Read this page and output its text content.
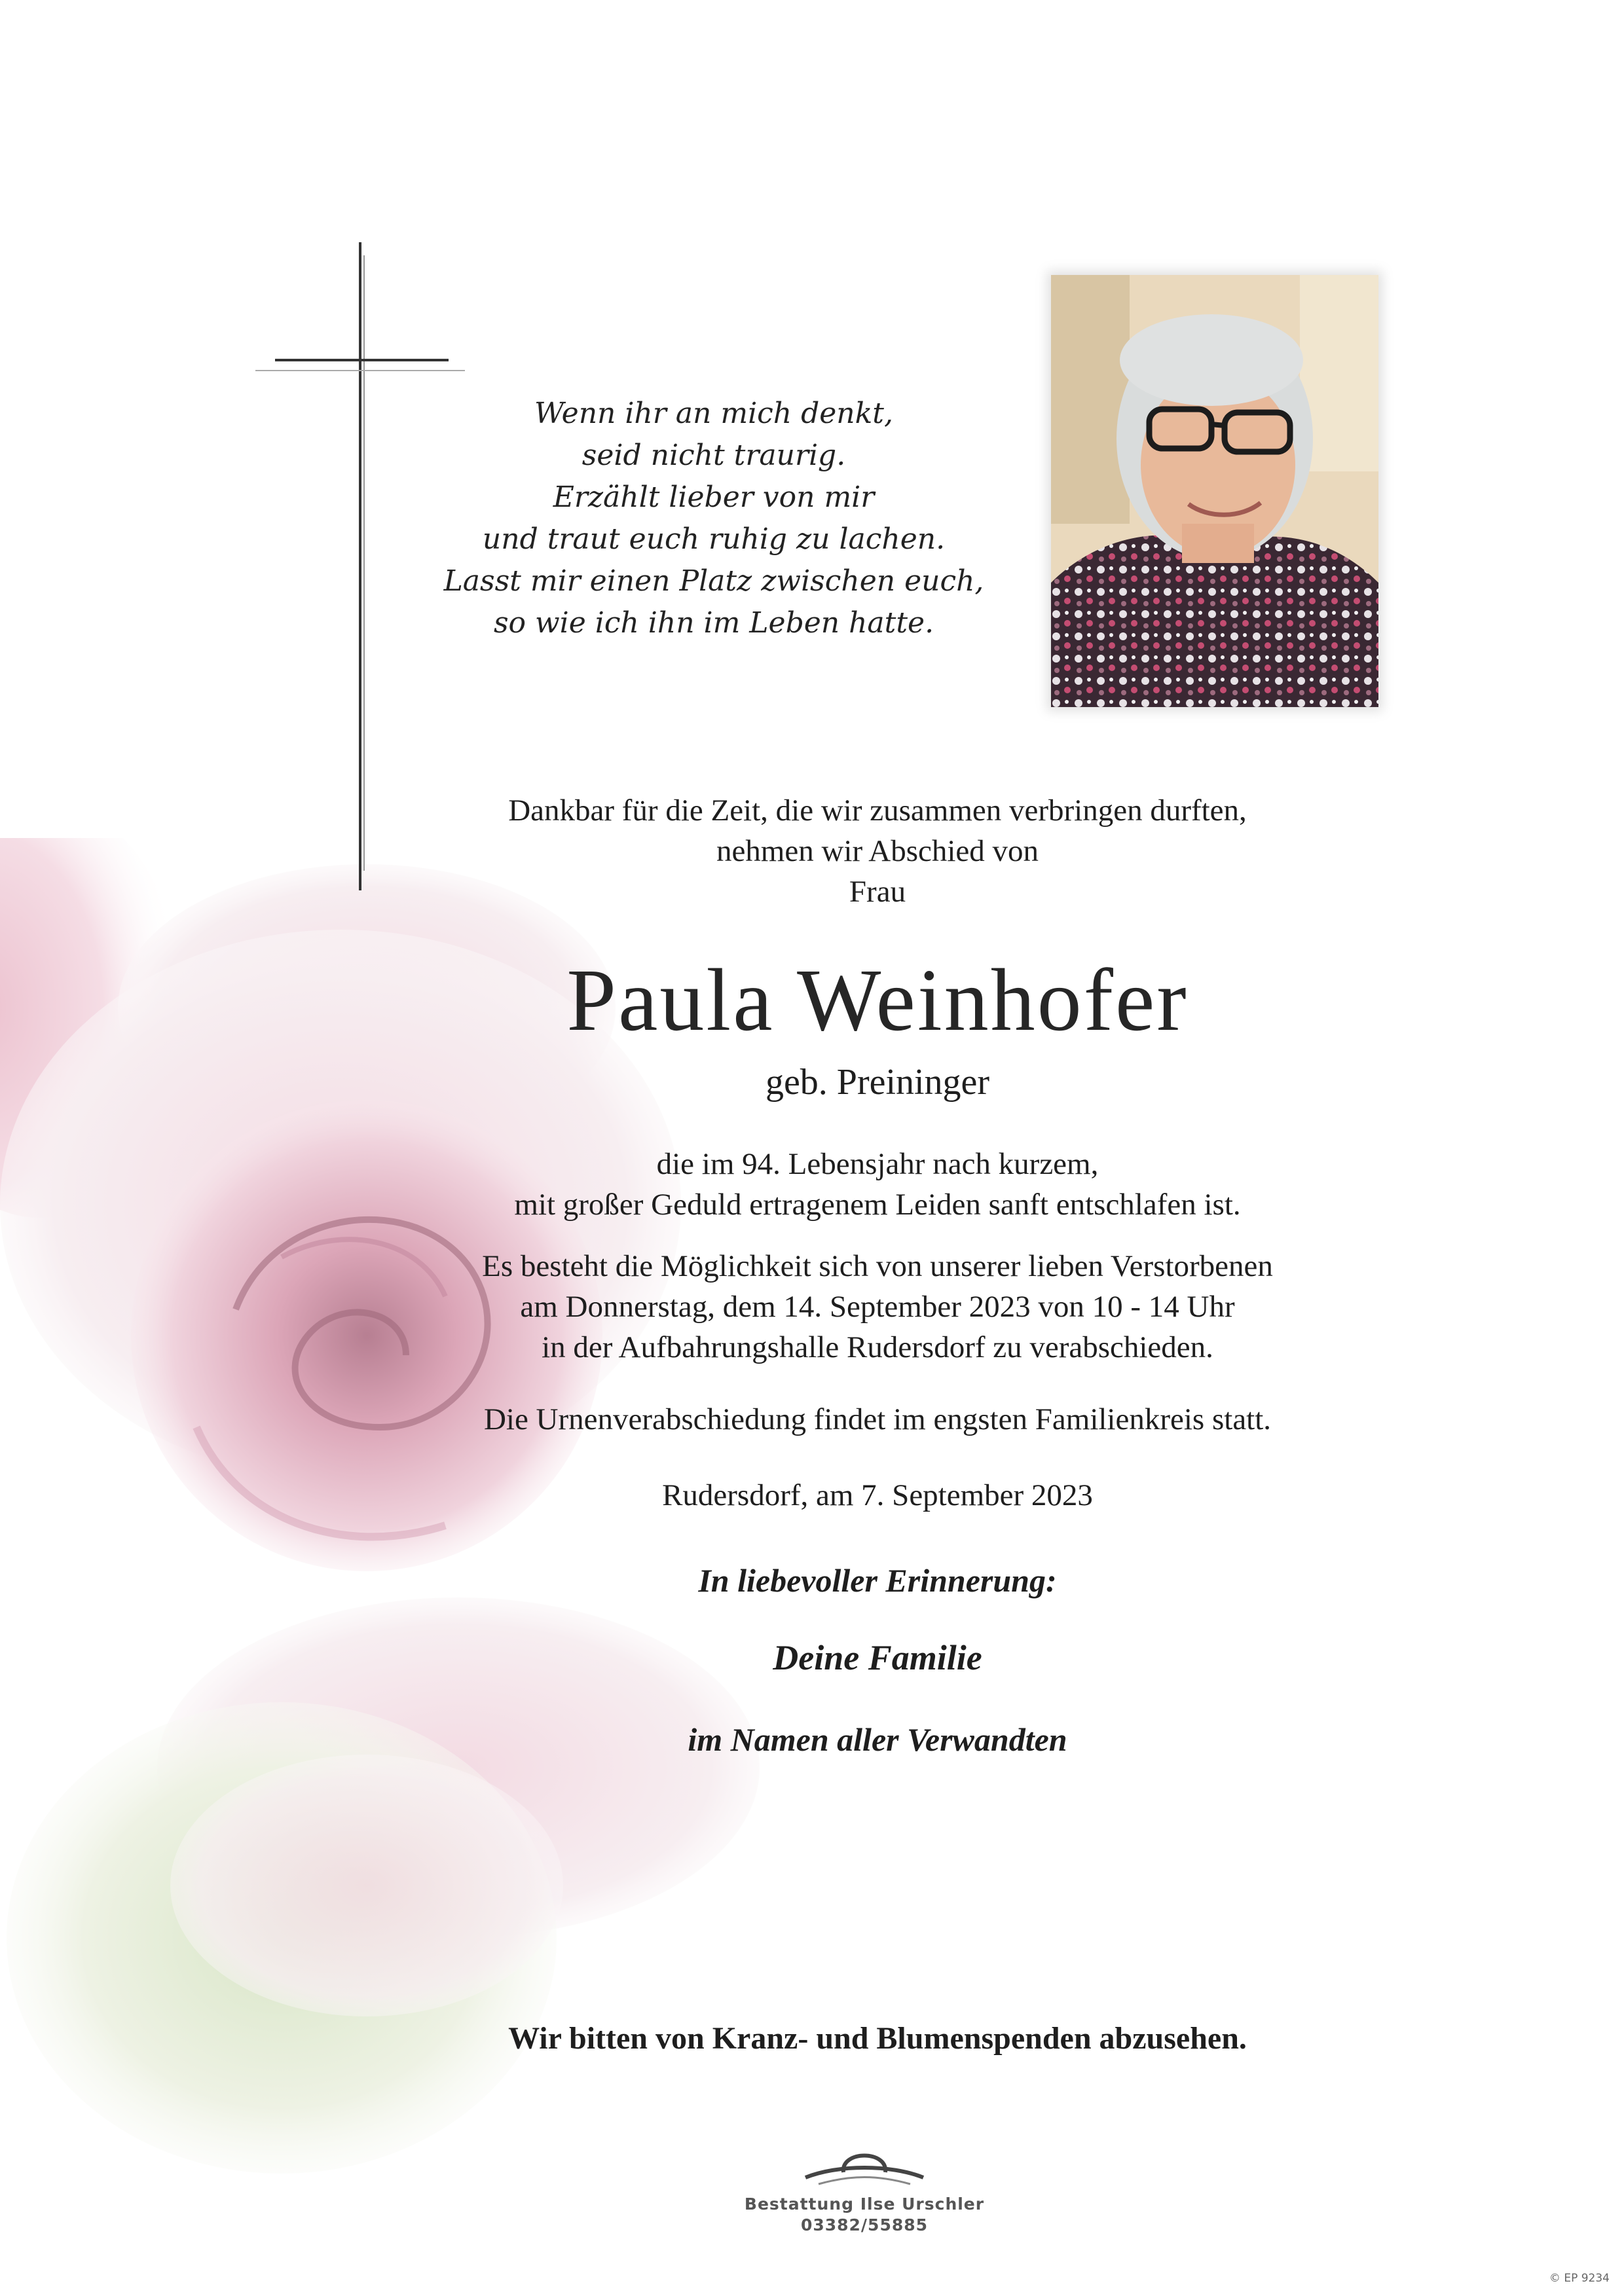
Wenn ihr an mich denkt,
seid nicht traurig.
Erzählt lieber von mir
und traut euch ruhig zu lachen.
Lasst mir einen Platz zwischen euch,
so wie ich ihn im Leben hatte.
Dankbar für die Zeit, die wir zusammen verbringen durften,
nehmen wir Abschied von
Frau
Paula Weinhofer
geb. Preininger
die im 94. Lebensjahr nach kurzem,
mit großer Geduld ertragenem Leiden sanft entschlafen ist.
Es besteht die Möglichkeit sich von unserer lieben Verstorbenen
am Donnerstag, dem 14. September 2023 von 10 - 14 Uhr
in der Aufbahrungshalle Rudersdorf zu verabschieden.
Die Urnenverabschiedung findet im engsten Familienkreis statt.
Rudersdorf, am 7. September 2023
In liebevoller Erinnerung:
Deine Familie
im Namen aller Verwandten
Wir bitten von Kranz- und Blumenspenden abzusehen.
Bestattung Ilse Urschler
03382/55885
© EP 9234
